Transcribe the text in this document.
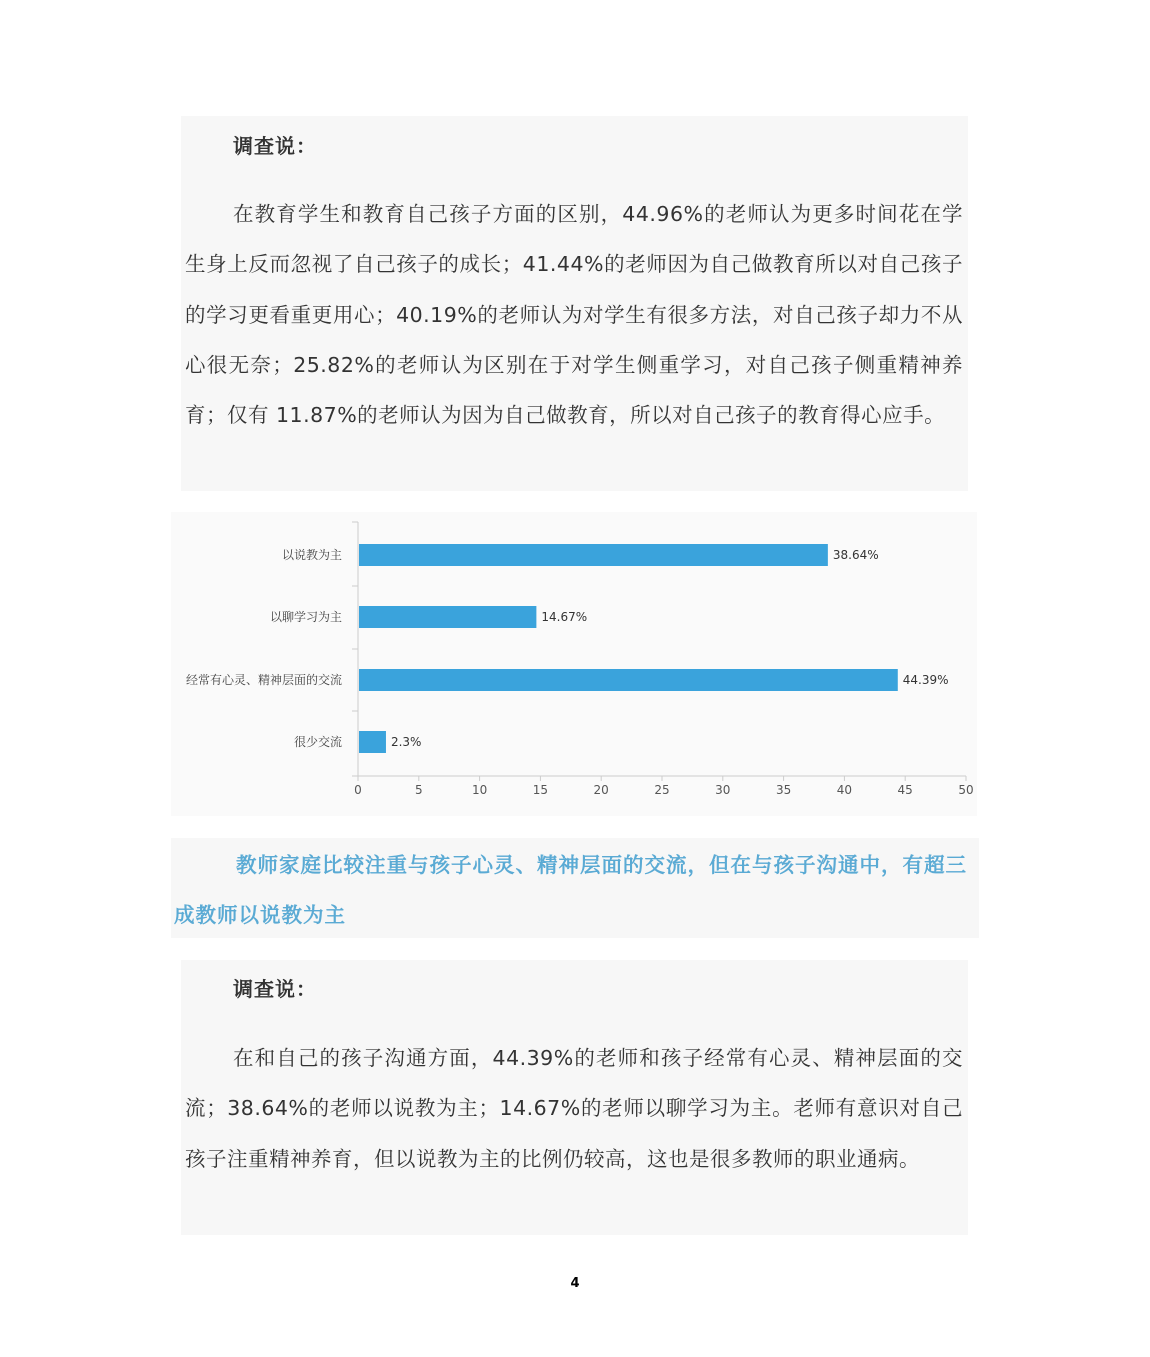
调查说：
在教育学生和教育自己孩子方面的区别，44.96%的老师认为更多时间花在学生身上反而忽视了自己孩子的成长；41.44%的老师因为自己做教育所以对自己孩子的学习更看重更用心；40.19%的老师认为对学生有很多方法，对自己孩子却力不从心很无奈；25.82%的老师认为区别在于对学生侧重学习，对自己孩子侧重精神养育；仅有 11.87%的老师认为因为自己做教育，所以对自己孩子的教育得心应手。
0	5	10	15	20	25	30	35	40	45	50
以说教为主	38.64%
以聊学习为主	14.67%
经常有心灵、精神层面的交流	44.39%
很少交流	2.3%
教师家庭比较注重与孩子心灵、精神层面的交流，但在与孩子沟通中，有超三成教师以说教为主
调查说：
在和自己的孩子沟通方面，44.39%的老师和孩子经常有心灵、精神层面的交流；38.64%的老师以说教为主；14.67%的老师以聊学习为主。老师有意识对自己孩子注重精神养育，但以说教为主的比例仍较高，这也是很多教师的职业通病。
4
